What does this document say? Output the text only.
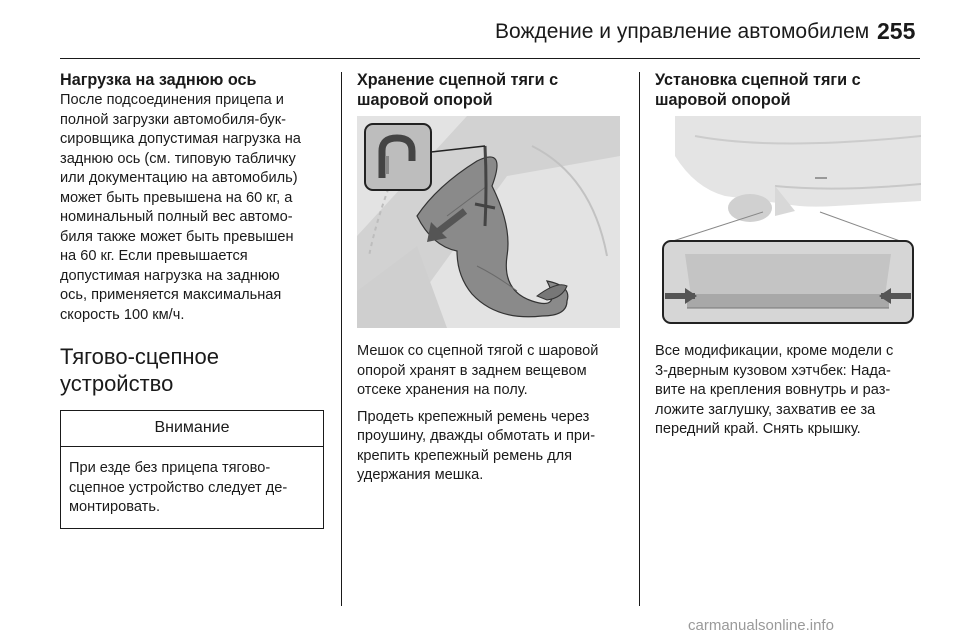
Вождение и управление автомобилем 255
Нагрузка на заднюю ось
После подсоединения прицепа и
полной загрузки автомобиля-бук-
сировщика допустимая нагрузка на
заднюю ось (см. типовую табличку
или документацию на автомобиль)
может быть превышена на 60 кг, а
номинальный полный вес автомо-
биля также может быть превышен
на 60 кг. Если превышается
допустимая нагрузка на заднюю
ось, применяется максимальная
скорость 100 км/ч.
Тягово-сцепное
устройство
Внимание
При езде без прицепа тягово-
сцепное устройство следует де-
монтировать.
Хранение сцепной тяги с
шаровой опорой
Мешок со сцепной тягой с шаровой
опорой хранят в заднем вещевом
отсеке хранения на полу.
Продеть крепежный ремень через
проушину, дважды обмотать и при-
крепить крепежный ремень для
удержания мешка.
Установка сцепной тяги с
шаровой опорой
Все модификации, кроме модели с
3-дверным кузовом хэтчбек: Нада-
вите на крепления вовнутрь и раз-
ложите заглушку, захватив ее за
передний край. Снять крышку.
carmanualsonline.info
